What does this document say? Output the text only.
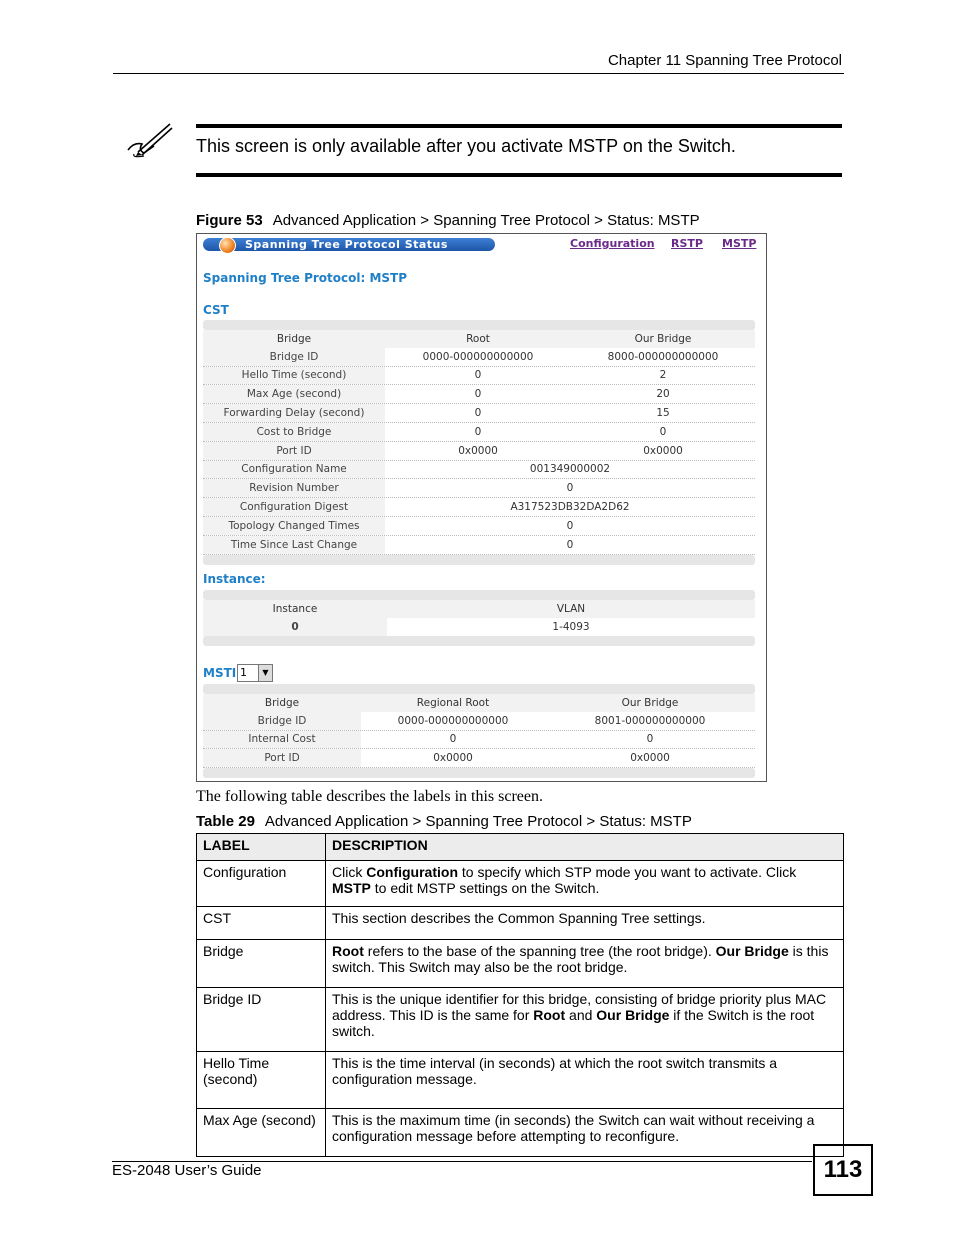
Chapter 11 Spanning Tree Protocol
This screen is only available after you activate MSTP on the Switch.
Figure 53 Advanced Application > Spanning Tree Protocol > Status: MSTP
Spanning Tree Protocol Status	Configuration RSTP MSTP
Spanning Tree Protocol: MSTP
CST
Bridge	Root	Our Bridge
Bridge ID	0000-000000000000	8000-000000000000
Hello Time (second)	0	2
Max Age (second)	0	20
Forwarding Delay (second)	0	15
Cost to Bridge	0	0
Port ID	0x0000	0x0000
Configuration Name	001349000002
Revision Number	0
Configuration Digest	A317523DB32DA2D62
Topology Changed Times	0
Time Since Last Change	0
Instance:
Instance	VLAN
0	1-4093
MSTI 1	▼
Bridge	Regional Root	Our Bridge
Bridge ID	0000-000000000000	8001-000000000000
Internal Cost	0	0
Port ID	0x0000	0x0000
The following table describes the labels in this screen.
Table 29 Advanced Application > Spanning Tree Protocol > Status: MSTP
LABEL	DESCRIPTION
Configuration	Click Configuration to specify which STP mode you want to activate. Click MSTP to edit MSTP settings on the Switch.
CST	This section describes the Common Spanning Tree settings.
Bridge	Root refers to the base of the spanning tree (the root bridge). Our Bridge is this switch. This Switch may also be the root bridge.
Bridge ID	This is the unique identifier for this bridge, consisting of bridge priority plus MAC address. This ID is the same for Root and Our Bridge if the Switch is the root switch.
Hello Time (second)	This is the time interval (in seconds) at which the root switch transmits a configuration message.
Max Age (second)	This is the maximum time (in seconds) the Switch can wait without receiving a configuration message before attempting to reconfigure.
ES-2048 User’s Guide	113
